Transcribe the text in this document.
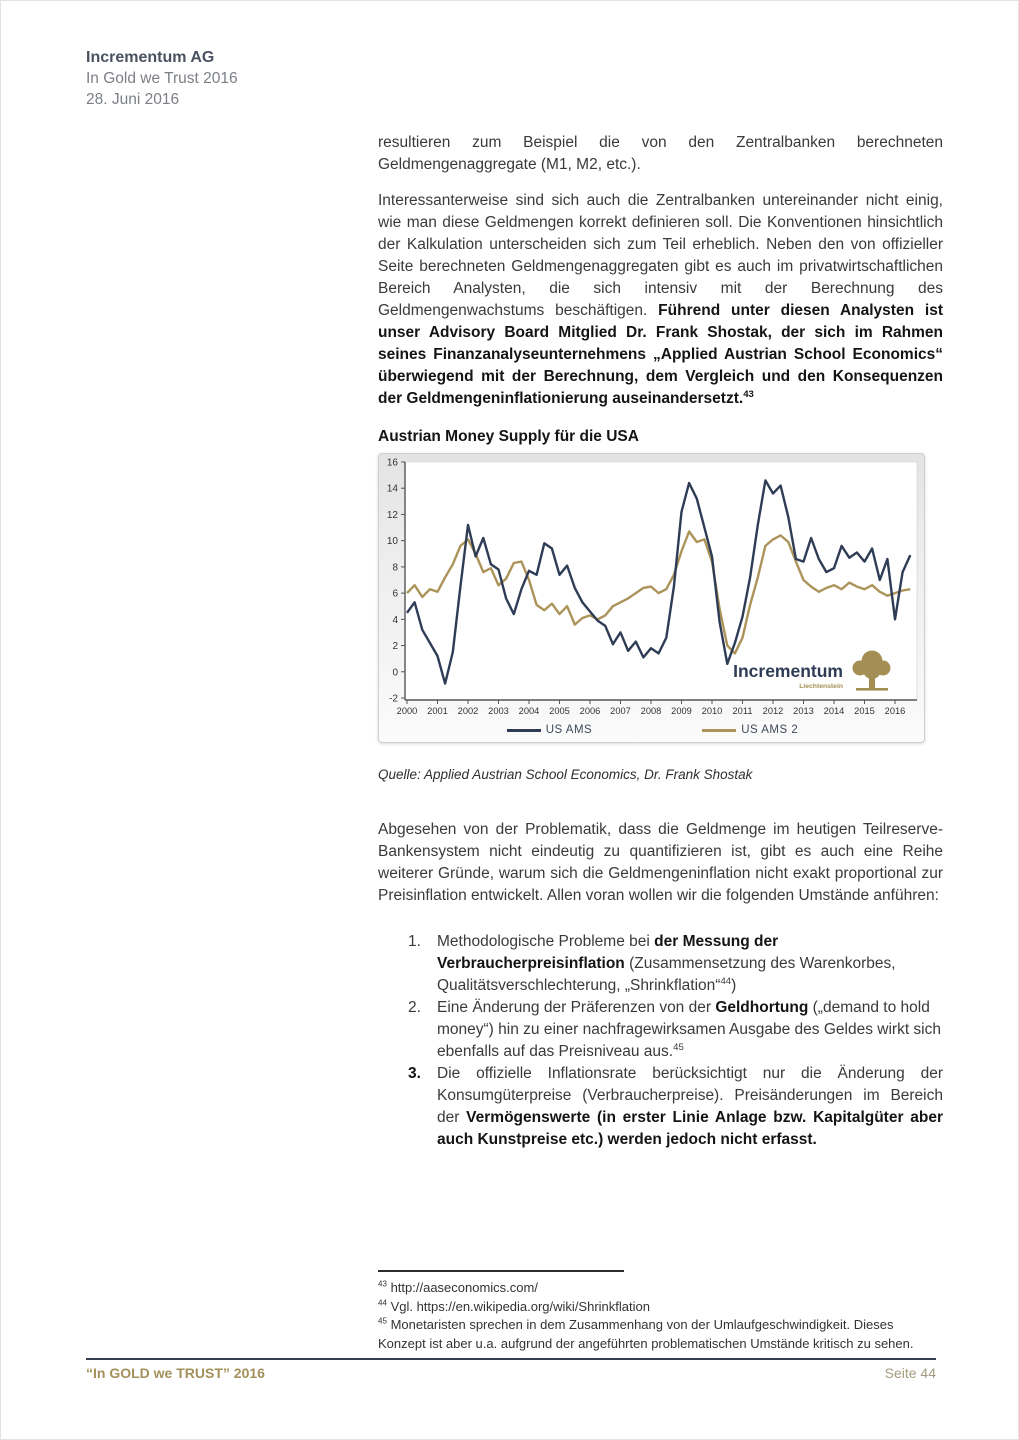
Incrementum AG
In Gold we Trust 2016
28. Juni 2016
resultieren zum Beispiel die von den Zentralbanken berechneten Geldmengenaggregate (M1, M2, etc.).
Interessanterweise sind sich auch die Zentralbanken untereinander nicht einig, wie man diese Geldmengen korrekt definieren soll. Die Konventionen hinsichtlich der Kalkulation unterscheiden sich zum Teil erheblich. Neben den von offizieller Seite berechneten Geldmengenaggregaten gibt es auch im privatwirtschaftlichen Bereich Analysten, die sich intensiv mit der Berechnung des Geldmengenwachstums beschäftigen. Führend unter diesen Analysten ist unser Advisory Board Mitglied Dr. Frank Shostak, der sich im Rahmen seines Finanzanalyseunternehmens „Applied Austrian School Economics“ überwiegend mit der Berechnung, dem Vergleich und den Konsequenzen der Geldmengeninflationierung auseinandersetzt.$^{43}$
Austrian Money Supply für die USA
16
14
12
10
8
6
4
2
0
-2
2000 2001 2002 2003 2004 2005 2006 2007 2008 2009 2010 2011 2012 2013 2014 2015 2016
Incrementum
Liechtenstein
US AMS	US AMS 2
Quelle: Applied Austrian School Economics, Dr. Frank Shostak
Abgesehen von der Problematik, dass die Geldmenge im heutigen Teilreserve-Bankensystem nicht eindeutig zu quantifizieren ist, gibt es auch eine Reihe weiterer Gründe, warum sich die Geldmengeninflation nicht exakt proportional zur Preisinflation entwickelt. Allen voran wollen wir die folgenden Umstände anführen:
1.	Methodologische Probleme bei der Messung der Verbraucherpreisinflation (Zusammensetzung des Warenkorbes, Qualitätsverschlechterung, „Shrinkflation“$^{44}$)
2.	Eine Änderung der Präferenzen von der Geldhortung („demand to hold money“) hin zu einer nachfragewirksamen Ausgabe des Geldes wirkt sich ebenfalls auf das Preisniveau aus.$^{45}$
3.	Die offizielle Inflationsrate berücksichtigt nur die Änderung der Konsumgüterpreise (Verbraucherpreise). Preisänderungen im Bereich der Vermögenswerte (in erster Linie Anlage bzw. Kapitalgüter aber auch Kunstpreise etc.) werden jedoch nicht erfasst.
$^{43}$ http://aaseconomics.com/
$^{44}$ Vgl. https://en.wikipedia.org/wiki/Shrinkflation
$^{45}$ Monetaristen sprechen in dem Zusammenhang von der Umlaufgeschwindigkeit. Dieses Konzept ist aber u.a. aufgrund der angeführten problematischen Umstände kritisch zu sehen.
“In GOLD we TRUST” 2016	Seite 44
